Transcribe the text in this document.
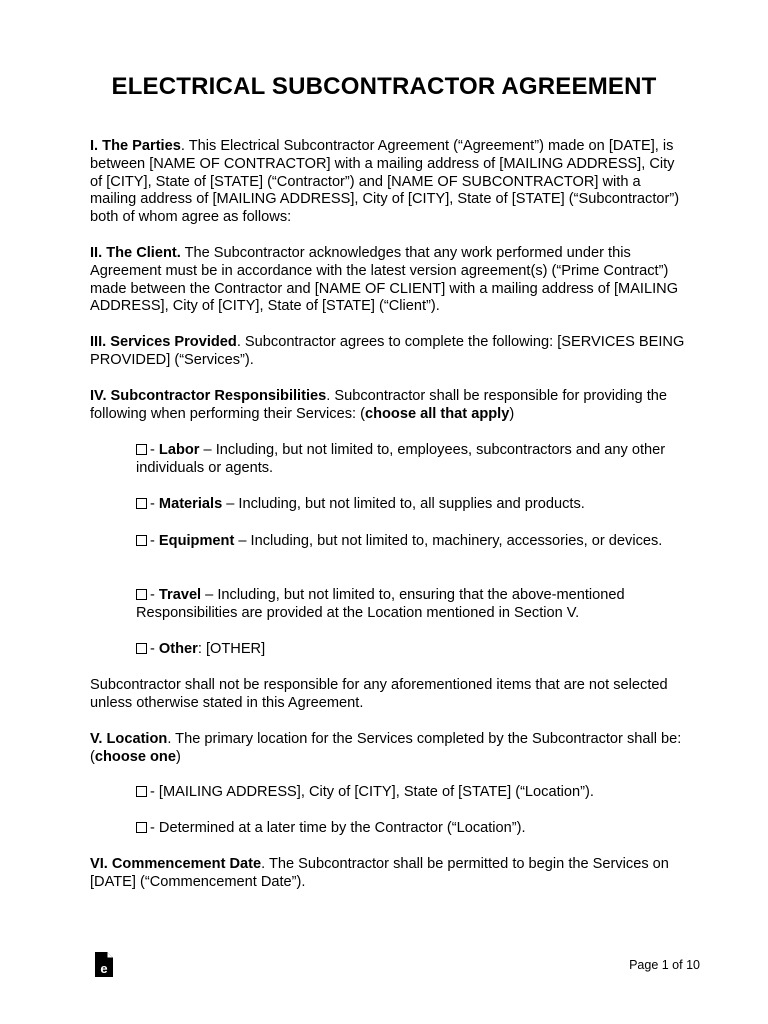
ELECTRICAL SUBCONTRACTOR AGREEMENT

I. The Parties. This Electrical Subcontractor Agreement (“Agreement”) made on [DATE], is between [NAME OF CONTRACTOR] with a mailing address of [MAILING ADDRESS], City of [CITY], State of [STATE] (“Contractor”) and [NAME OF SUBCONTRACTOR] with a mailing address of [MAILING ADDRESS], City of [CITY], State of [STATE] (“Subcontractor”) both of whom agree as follows:

II. The Client. The Subcontractor acknowledges that any work performed under this Agreement must be in accordance with the latest version agreement(s) (“Prime Contract”) made between the Contractor and [NAME OF CLIENT] with a mailing address of [MAILING ADDRESS], City of [CITY], State of [STATE] (“Client”).

III. Services Provided. Subcontractor agrees to complete the following: [SERVICES BEING PROVIDED] (“Services”).

IV. Subcontractor Responsibilities. Subcontractor shall be responsible for providing the following when performing their Services: (choose all that apply)

- Labor – Including, but not limited to, employees, subcontractors and any other individuals or agents.

- Materials – Including, but not limited to, all supplies and products.

- Equipment – Including, but not limited to, machinery, accessories, or devices.

- Travel – Including, but not limited to, ensuring that the above-mentioned Responsibilities are provided at the Location mentioned in Section V.

- Other: [OTHER]

Subcontractor shall not be responsible for any aforementioned items that are not selected unless otherwise stated in this Agreement.

V. Location. The primary location for the Services completed by the Subcontractor shall be: (choose one)

- [MAILING ADDRESS], City of [CITY], State of [STATE] (“Location”).

- Determined at a later time by the Contractor (“Location”).

VI. Commencement Date. The Subcontractor shall be permitted to begin the Services on [DATE] (“Commencement Date”).

e	Page 1 of 10
